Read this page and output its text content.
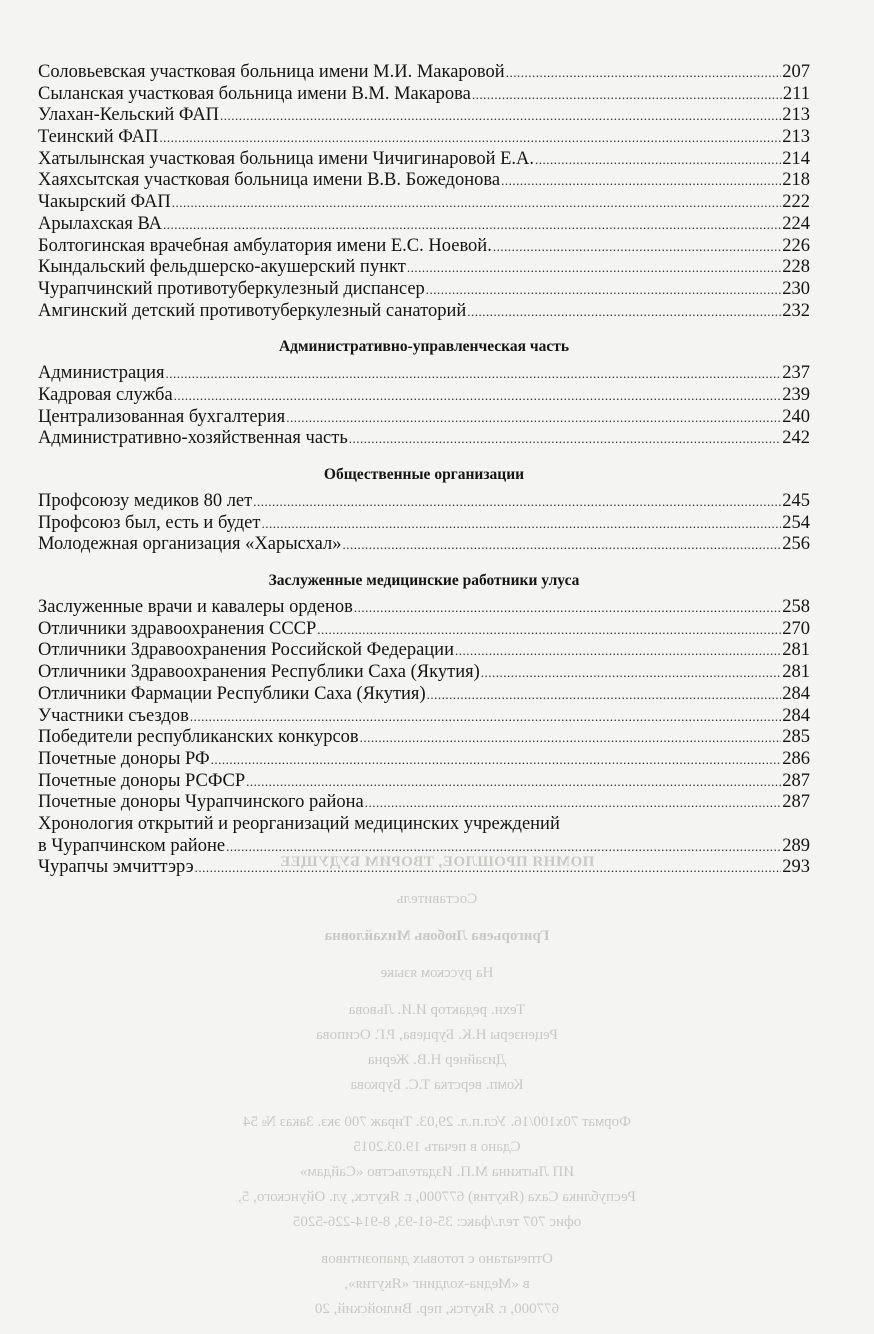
ПОМНЯ ПРОШЛОЕ, ТВОРИМ БУДУЩЕЕ
Составитель
Григорьева Любовь Михайловна
На русском языке
Техн. редактор И.И. Львова
Рецензеры Н.К. Бурцева, Р.Г. Осипова
Дизайнер Н.В. Жерна
Комп. верстка Т.С. Буркова
Формат 70х100/16. Усл.п.л. 29,03. Тираж 700 экз. Заказ № 54
Сдано в печать 19.03.2015
ИП Лыткина М.П. Издательство «Сайдам»
Республика Саха (Якутия) 677000, г. Якутск, ул. Ойунского, 5,
офис 707 тел./факс: 35-61-93, 8-914-226-5205
Отпечатано с готовых диапозитивов
в «Медиа-холдинг «Якутия»,
677000, г. Якутск, пер. Вилюйский, 20
Соловьевская участковая больница имени М.И. Макаровой .....	207
Сыланская участковая больница имени В.М. Макарова .....	211
Улахан-Кельский ФАП .....	213
Теинский ФАП .....	213
Хатылынская участковая больница имени Чичигинаровой Е.А. .....	214
Хаяхсытская участковая больница имени В.В. Божедонова .....	218
Чакырский ФАП .....	222
Арылахская ВА .....	224
Болтогинская врачебная амбулатория имени Е.С. Ноевой. .....	226
Кындальский фельдшерско-акушерский пункт .....	228
Чурапчинский противотуберкулезный диспансер .....	230
Амгинский детский противотуберкулезный санаторий .....	232
Административно-управленческая часть
Администрация .....	237
Кадровая служба .....	239
Централизованная бухгалтерия .....	240
Административно-хозяйственная часть .....	242
Общественные организации
Профсоюзу медиков 80 лет .....	245
Профсоюз был, есть и будет .....	254
Молодежная организация «Харысхал» .....	256
Заслуженные медицинские работники улуса
Заслуженные врачи и кавалеры орденов .....	258
Отличники здравоохранения СССР .....	270
Отличники Здравоохранения Российской Федерации .....	281
Отличники Здравоохранения Республики Саха (Якутия) .....	281
Отличники Фармации Республики Саха (Якутия) .....	284
Участники съездов .....	284
Победители республиканских конкурсов .....	285
Почетные доноры РФ .....	286
Почетные доноры РСФСР .....	287
Почетные доноры Чурапчинского района .....	287
Хронология открытий и реорганизаций медицинских учреждений
в Чурапчинском районе .....	289
Чурапчы эмчиттэрэ .....	293
